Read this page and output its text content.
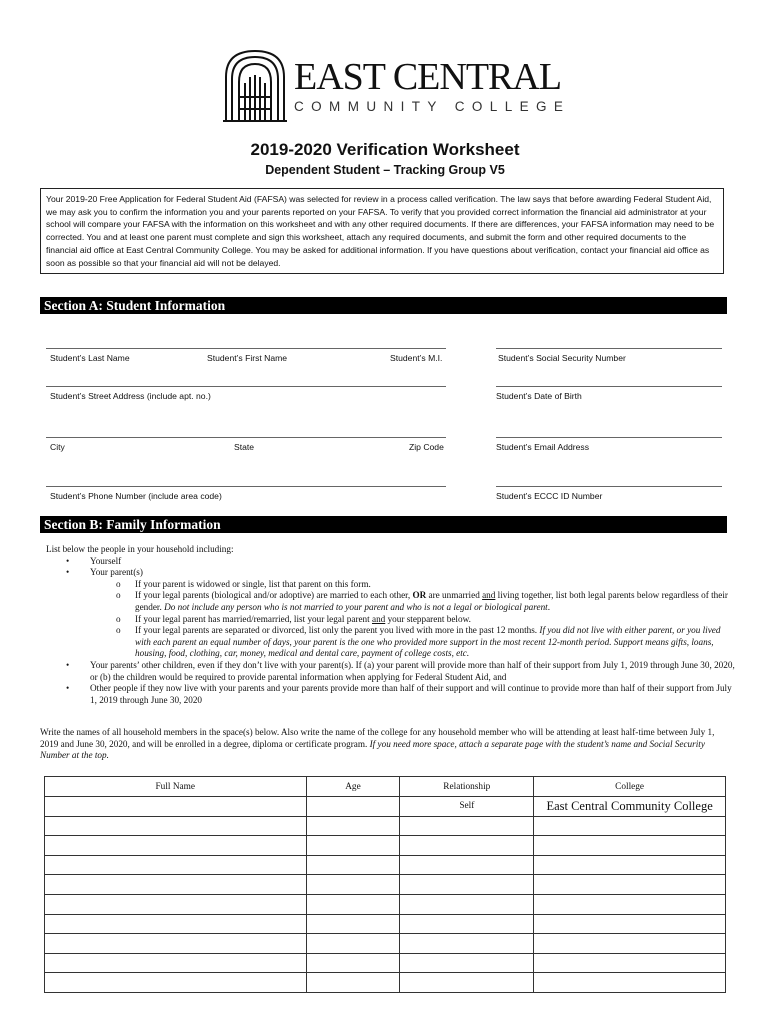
EAST CENTRAL
COMMUNITY COLLEGE
2019-2020 Verification Worksheet
Dependent Student – Tracking Group V5
Your 2019-20 Free Application for Federal Student Aid (FAFSA) was selected for review in a process called verification. The law says that before awarding Federal Student Aid, we may ask you to confirm the information you and your parents reported on your FAFSA. To verify that you provided correct information the financial aid administrator at your school will compare your FAFSA with the information on this worksheet and with any other required documents. If there are differences, your FAFSA information may need to be corrected. You and at least one parent must complete and sign this worksheet, attach any required documents, and submit the form and other required documents to the financial aid office at East Central Community College. You may be asked for additional information. If you have questions about verification, contact your financial aid office as soon as possible so that your financial aid will not be delayed.
Section A: Student Information
Student’s Last Name	Student’s First Name	Student’s M.I.	Student’s Social Security Number
Student’s Street Address (include apt. no.)	Student’s Date of Birth
City	State	Zip Code	Student’s Email Address
Student’s Phone Number (include area code)	Student’s ECCC ID Number
Section B: Family Information
List below the people in your household including:
• Yourself
• Your parent(s)
o If your parent is widowed or single, list that parent on this form.
o If your legal parents (biological and/or adoptive) are married to each other, OR are unmarried and living together, list both legal parents below regardless of their gender. Do not include any person who is not married to your parent and who is not a legal or biological parent.
o If your legal parent has married/remarried, list your legal parent and your stepparent below.
o If your legal parents are separated or divorced, list only the parent you lived with more in the past 12 months. If you did not live with either parent, or you lived with each parent an equal number of days, your parent is the one who provided more support in the most recent 12-month period. Support means gifts, loans, housing, food, clothing, car, money, medical and dental care, payment of college costs, etc.
• Your parents’ other children, even if they don’t live with your parent(s). If (a) your parent will provide more than half of their support from July 1, 2019 through June 30, 2020, or (b) the children would be required to provide parental information when applying for Federal Student Aid, and
• Other people if they now live with your parents and your parents provide more than half of their support and will continue to provide more than half of their support from July 1, 2019 through June 30, 2020
Write the names of all household members in the space(s) below. Also write the name of the college for any household member who will be attending at least half-time between July 1, 2019 and June 30, 2020, and will be enrolled in a degree, diploma or certificate program. If you need more space, attach a separate page with the student’s name and Social Security Number at the top.
Full Name	Age	Relationship	College
		Self	East Central Community College
